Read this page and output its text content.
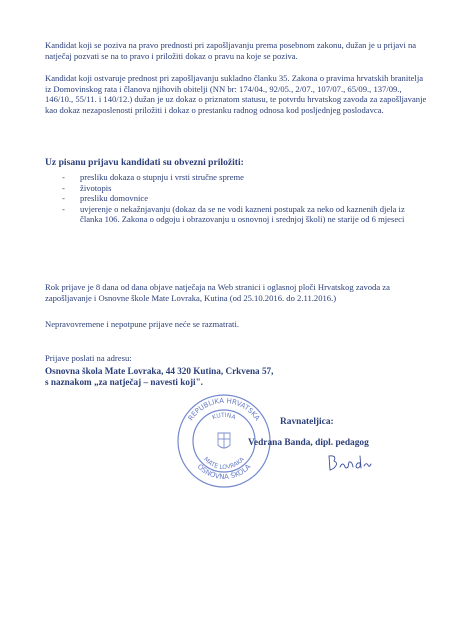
Kandidat koji se poziva na pravo prednosti pri zapošljavanju prema posebnom zakonu, dužan je u prijavi na natječaj pozvati se na to pravo i priložiti dokaz o pravu na koje se poziva.
Kandidat koji ostvaruje prednost pri zapošljavanju sukladno članku 35. Zakona o pravima hrvatskih branitelja iz Domovinskog rata i članova njihovih obitelji (NN br: 174/04., 92/05., 2/07., 107/07., 65/09., 137/09., 146/10., 55/11. i 140/12.) dužan je uz dokaz o priznatom statusu, te potvrdu hrvatskog zavoda za zapošljavanje kao dokaz nezaposlenosti priložiti i dokaz o prestanku radnog odnosa kod posljednjeg poslodavca.
Uz pisanu prijavu kandidati su obvezni priložiti:
- presliku dokaza o stupnju i vrsti stručne spreme
- životopis
- presliku domovnice
- uvjerenje o nekažnjavanju (dokaz da se ne vodi kazneni postupak za neko od kaznenih djela iz članka 106. Zakona o odgoju i obrazovanju u osnovnoj i srednjoj školi) ne starije od 6 mjeseci
Rok prijave je 8 dana od dana objave natječaja na Web stranici i oglasnoj ploči Hrvatskog zavoda za zapošljavanje i Osnovne škole Mate Lovraka, Kutina (od 25.10.2016. do 2.11.2016.)
Nepravovremene i nepotpune prijave neće se razmatrati.
Prijave poslati na adresu:
Osnovna škola Mate Lovraka, 44 320 Kutina, Crkvena 57,
s naznakom „za natječaj – navesti koji".
REPUBLIKA HRVATSKA
OSNOVNA ŠKOLA
KUTINA
MATE LOVRAKA
Ravnateljica:
Vedrana Banda, dipl. pedagog
